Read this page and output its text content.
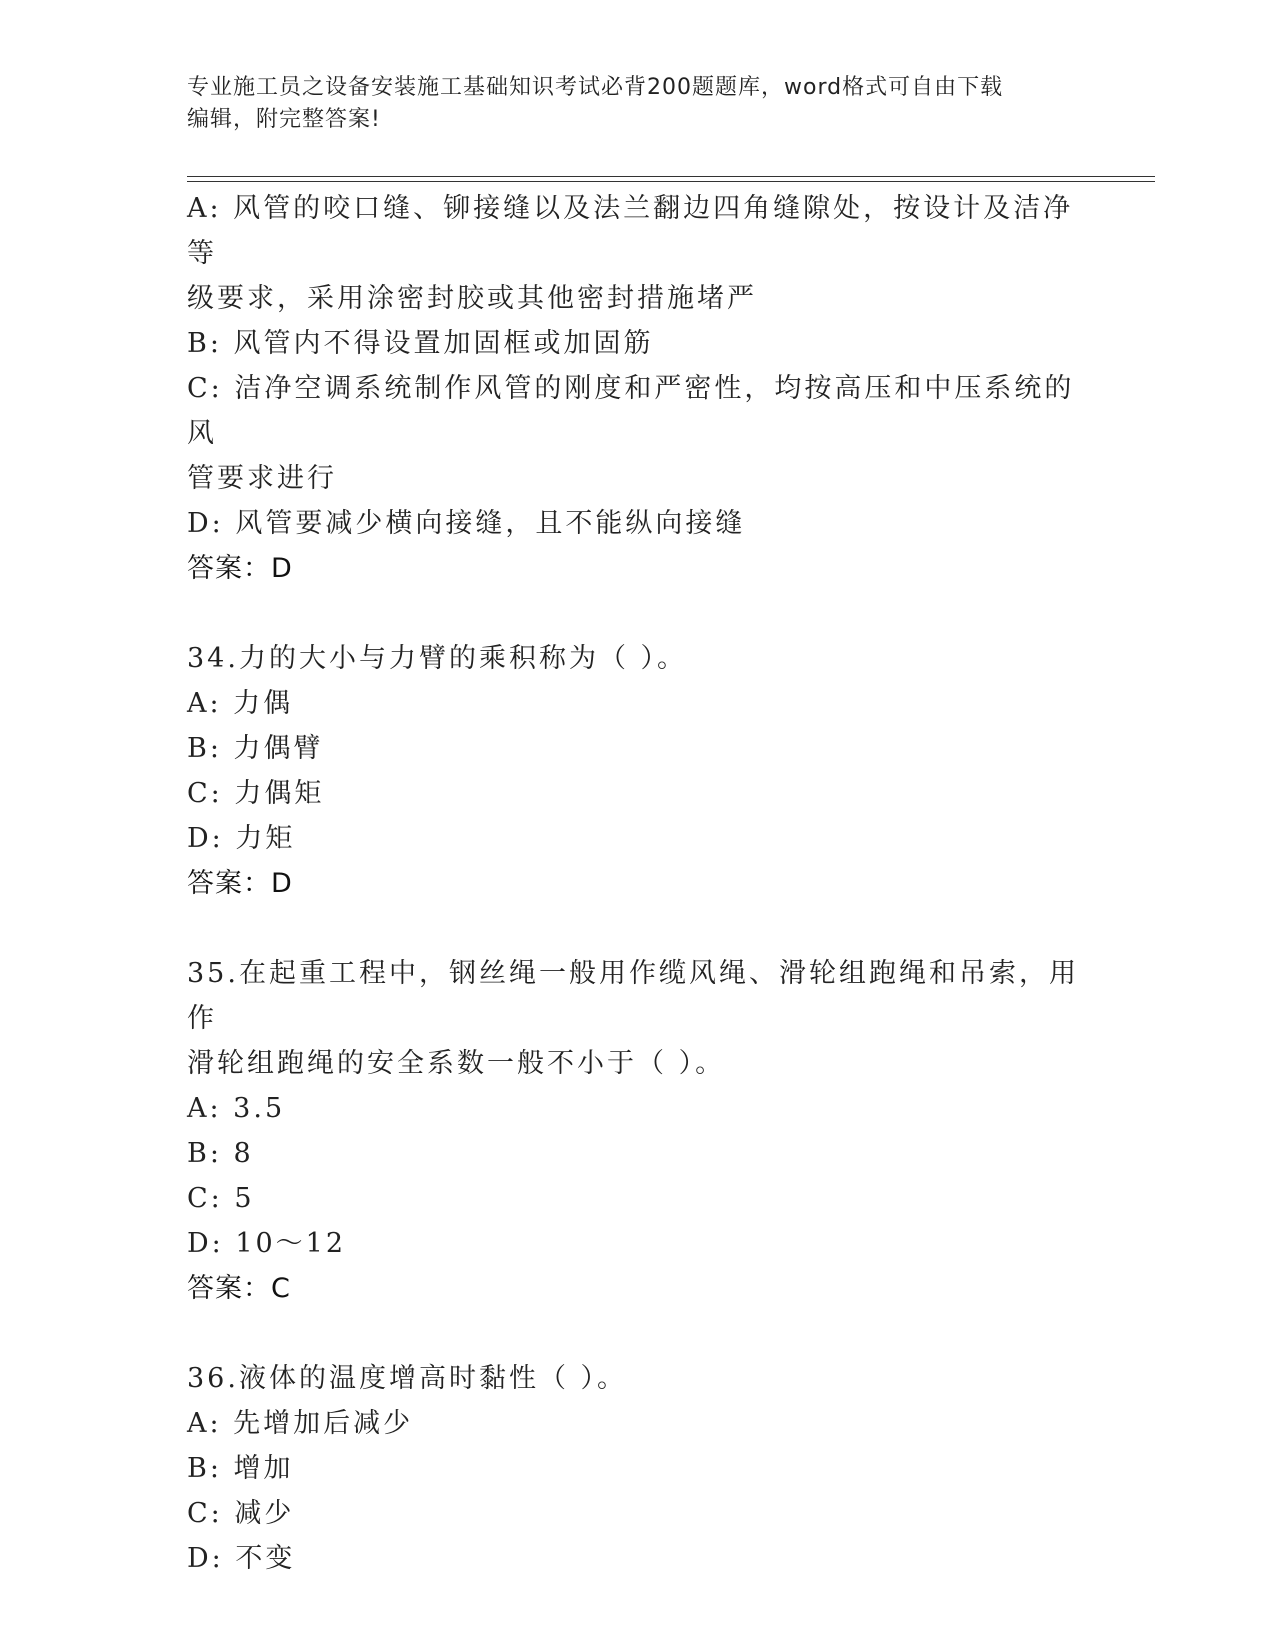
专业施工员之设备安装施工基础知识考试必背200题题库，word格式可自由下载
编辑，附完整答案!
A: 风管的咬口缝、铆接缝以及法兰翻边四角缝隙处，按设计及洁净等
级要求，采用涂密封胶或其他密封措施堵严
B: 风管内不得设置加固框或加固筋
C: 洁净空调系统制作风管的刚度和严密性，均按高压和中压系统的风
管要求进行
D: 风管要减少横向接缝，且不能纵向接缝
答案：D
34.力的大小与力臂的乘积称为（ ）。
A: 力偶
B: 力偶臂
C: 力偶矩
D: 力矩
答案：D
35.在起重工程中，钢丝绳一般用作缆风绳、滑轮组跑绳和吊索，用作
滑轮组跑绳的安全系数一般不小于（ ）。
A: 3.5
B: 8
C: 5
D: 10～12
答案：C
36.液体的温度增高时黏性（ ）。
A: 先增加后减少
B: 增加
C: 减少
D: 不变
